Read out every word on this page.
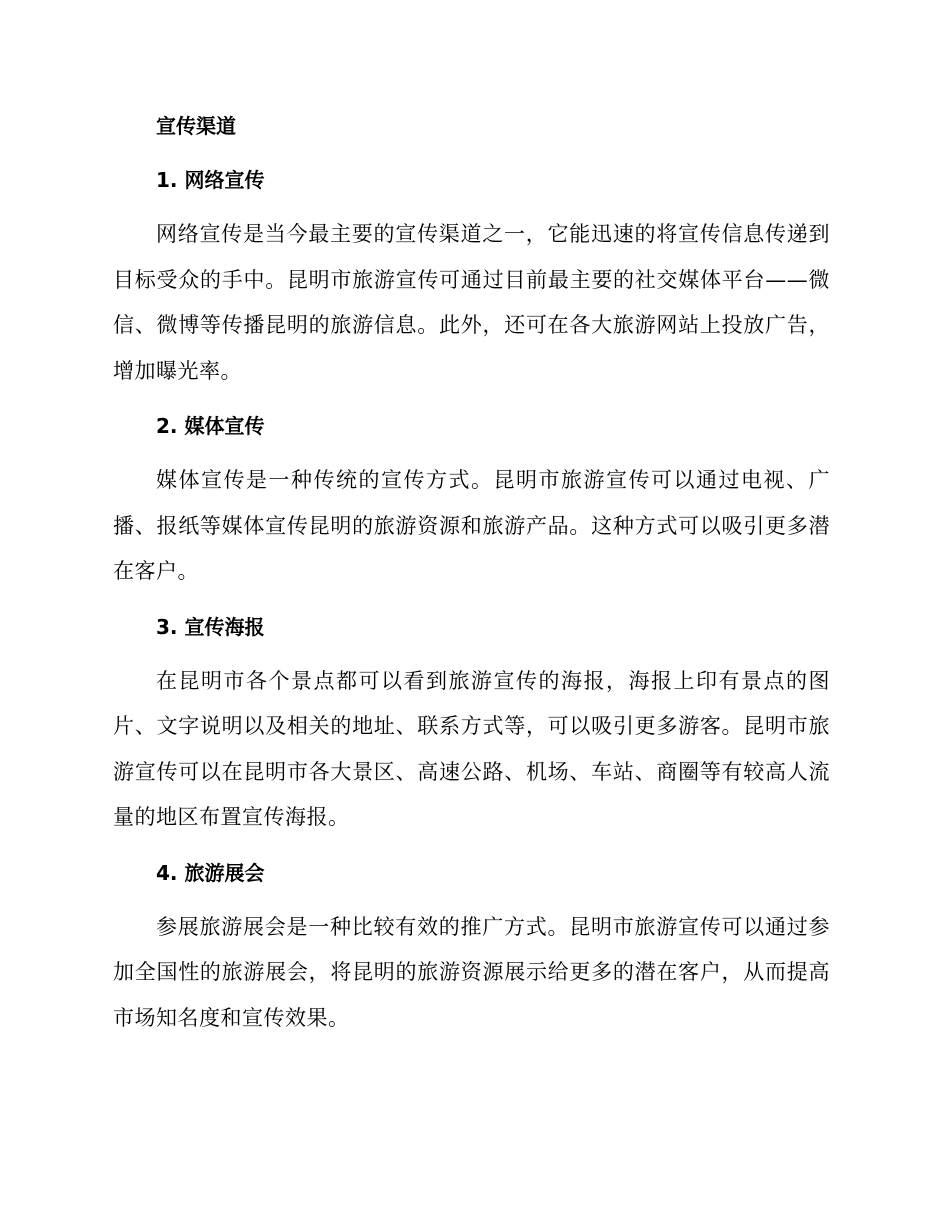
宣传渠道
1. 网络宣传

网络宣传是当今最主要的宣传渠道之一，它能迅速的将宣传信息传递到目标受众的手中。昆明市旅游宣传可通过目前最主要的社交媒体平台——微信、微博等传播昆明的旅游信息。此外，还可在各大旅游网站上投放广告，增加曝光率。

2. 媒体宣传

媒体宣传是一种传统的宣传方式。昆明市旅游宣传可以通过电视、广播、报纸等媒体宣传昆明的旅游资源和旅游产品。这种方式可以吸引更多潜在客户。

3. 宣传海报

在昆明市各个景点都可以看到旅游宣传的海报，海报上印有景点的图片、文字说明以及相关的地址、联系方式等，可以吸引更多游客。昆明市旅游宣传可以在昆明市各大景区、高速公路、机场、车站、商圈等有较高人流量的地区布置宣传海报。

4. 旅游展会

参展旅游展会是一种比较有效的推广方式。昆明市旅游宣传可以通过参加全国性的旅游展会，将昆明的旅游资源展示给更多的潜在客户，从而提高市场知名度和宣传效果。
